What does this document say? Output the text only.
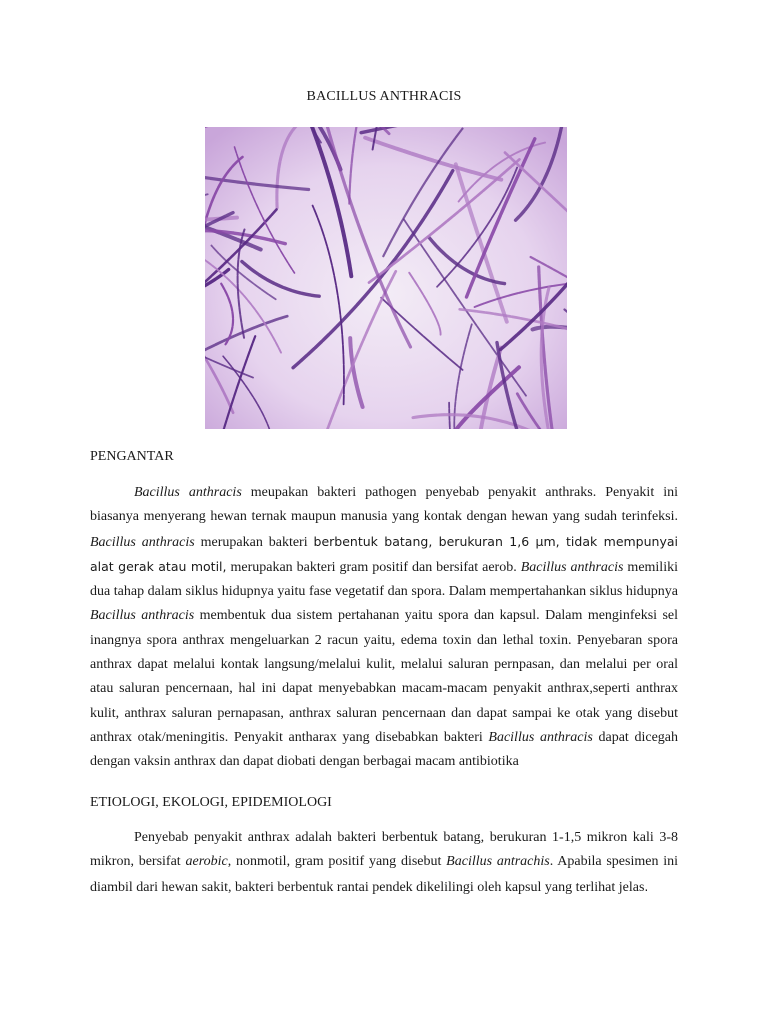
BACILLUS ANTHRACIS
PENGANTAR

Bacillus anthracis meupakan bakteri pathogen penyebab penyakit anthraks. Penyakit ini biasanya menyerang hewan ternak maupun manusia yang kontak dengan hewan yang sudah terinfeksi. Bacillus anthracis merupakan bakteri berbentuk batang, berukuran 1,6 µm, tidak mempunyai alat gerak atau motil, merupakan bakteri gram positif dan bersifat aerob. Bacillus anthracis memiliki dua tahap dalam siklus hidupnya yaitu fase vegetatif dan spora. Dalam mempertahankan siklus hidupnya Bacillus anthracis membentuk dua sistem pertahanan yaitu spora dan kapsul. Dalam menginfeksi sel inangnya spora anthrax mengeluarkan 2 racun yaitu, edema toxin dan lethal toxin. Penyebaran spora anthrax dapat melalui kontak langsung/melalui kulit, melalui saluran pernpasan, dan melalui per oral atau saluran pencernaan, hal ini dapat menyebabkan macam-macam penyakit anthrax,seperti anthrax kulit, anthrax saluran pernapasan, anthrax saluran pencernaan dan dapat sampai ke otak yang disebut anthrax otak/meningitis. Penyakit antharax yang disebabkan bakteri Bacillus anthracis dapat dicegah dengan vaksin anthrax dan dapat diobati dengan berbagai macam antibiotika

ETIOLOGI, EKOLOGI, EPIDEMIOLOGI

Penyebab penyakit anthrax adalah bakteri berbentuk batang, berukuran 1-1,5 mikron kali 3-8 mikron, bersifat aerobic, nonmotil, gram positif yang disebut Bacillus antrachis. Apabila spesimen ini diambil dari hewan sakit, bakteri berbentuk rantai pendek dikelilingi oleh kapsul yang terlihat jelas.
